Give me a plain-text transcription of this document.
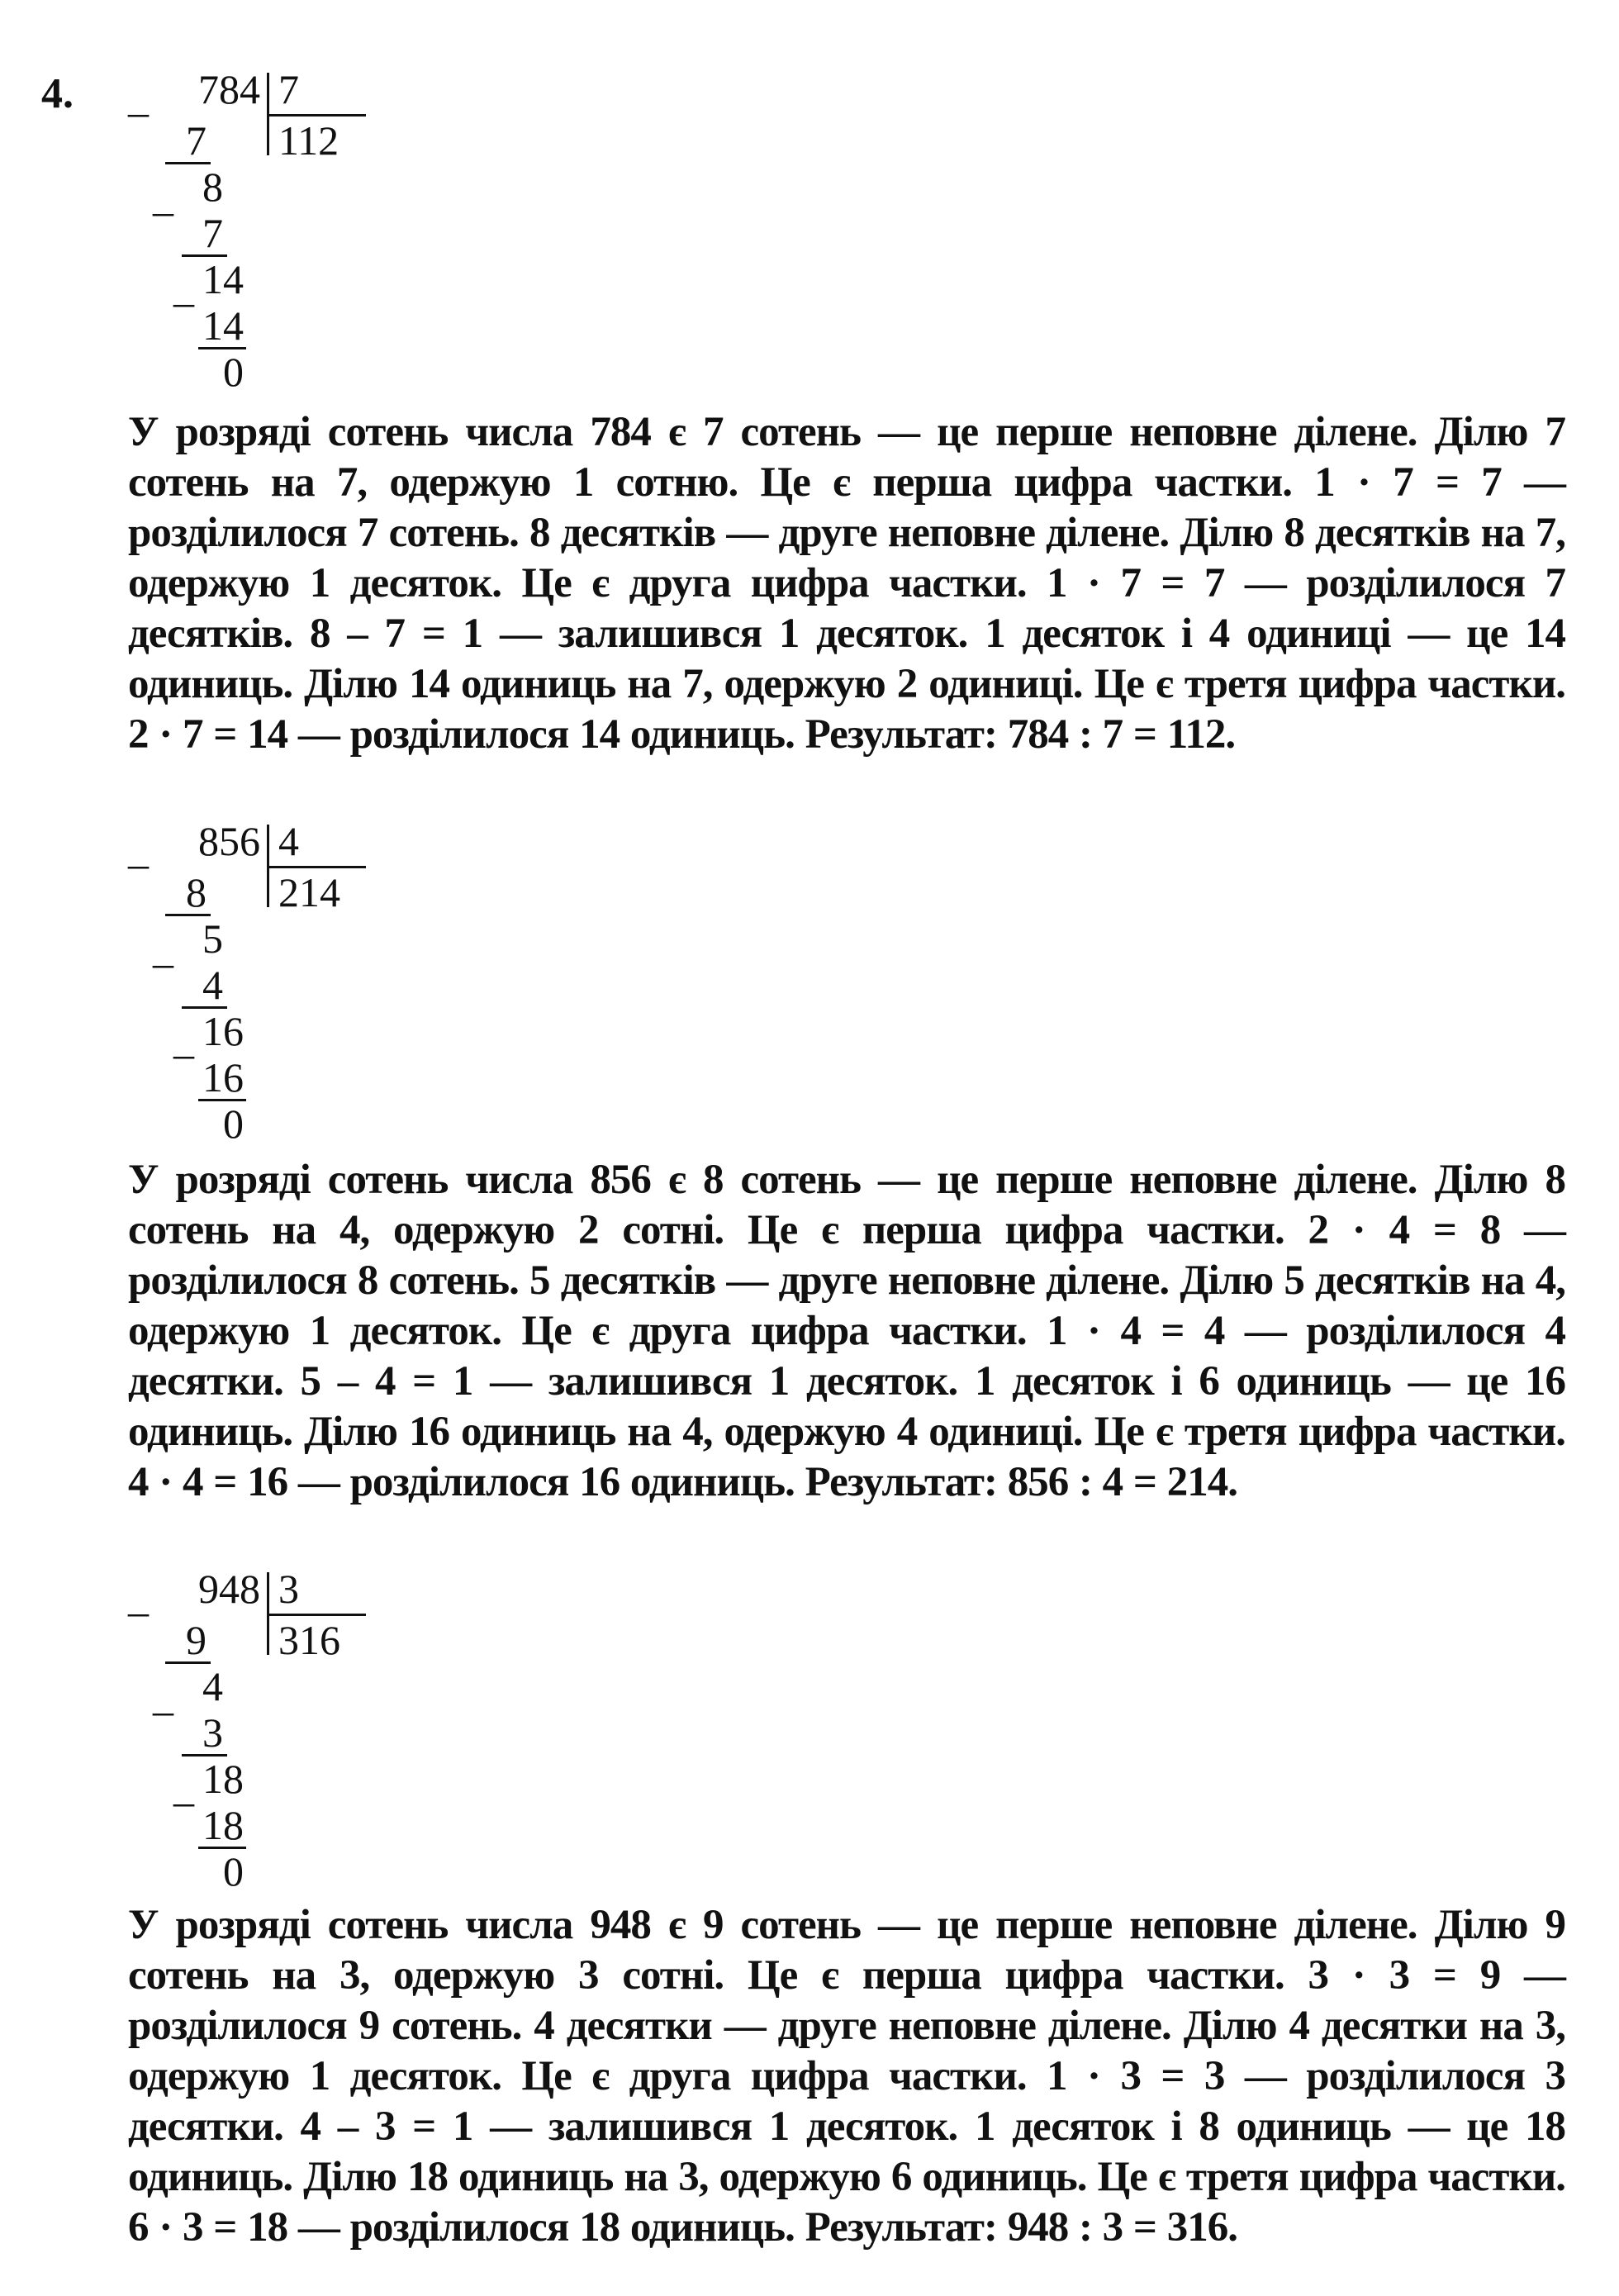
4. _	784 7
112
7
_ 8
7
_ 14
14
0
У розряді сотень числа 784 є 7 сотень — це перше неповне ділене. Ділю 7 сотень на 7, одержую 1 сотню. Це є перша цифра частки. 1 · 7 = 7 — розділилося 7 сотень. 8 десятків — друге неповне ділене. Ділю 8 десятків на 7, одержую 1 десяток. Це є друга цифра частки. 1 · 7 = 7 — розділилося 7 десятків. 8 – 7 = 1 — залишився 1 десяток. 1 десяток і 4 одиниці — це 14 одиниць. Ділю 14 одиниць на 7, одержую 2 одиниці. Це є третя цифра частки. 2 · 7 = 14 — розділилося 14 одиниць. Результат: 784 : 7 = 112.
_	856 4
214
8
_ 5
4
_ 16
16
0
У розряді сотень числа 856 є 8 сотень — це перше неповне ділене. Ділю 8 сотень на 4, одержую 2 сотні. Це є перша цифра частки. 2 · 4 = 8 — розділилося 8 сотень. 5 десятків — друге неповне ділене. Ділю 5 десятків на 4, одержую 1 десяток. Це є друга цифра частки. 1 · 4 = 4 — розділилося 4 десятки. 5 – 4 = 1 — залишився 1 десяток. 1 десяток і 6 одиниць — це 16 одиниць. Ділю 16 одиниць на 4, одержую 4 одиниці. Це є третя цифра частки. 4 · 4 = 16 — розділилося 16 одиниць. Результат: 856 : 4 = 214.
_	948 3
316
9
_ 4
3
_ 18
18
0
У розряді сотень числа 948 є 9 сотень — це перше неповне ділене. Ділю 9 сотень на 3, одержую 3 сотні. Це є перша цифра частки. 3 · 3 = 9 — розділилося 9 сотень. 4 десятки — друге неповне ділене. Ділю 4 десятки на 3, одержую 1 десяток. Це є друга цифра частки. 1 · 3 = 3 — розділилося 3 десятки. 4 – 3 = 1 — залишився 1 десяток. 1 десяток і 8 одиниць — це 18 одиниць. Ділю 18 одиниць на 3, одержую 6 одиниць. Це є третя цифра частки. 6 · 3 = 18 — розділилося 18 одиниць. Результат: 948 : 3 = 316.
